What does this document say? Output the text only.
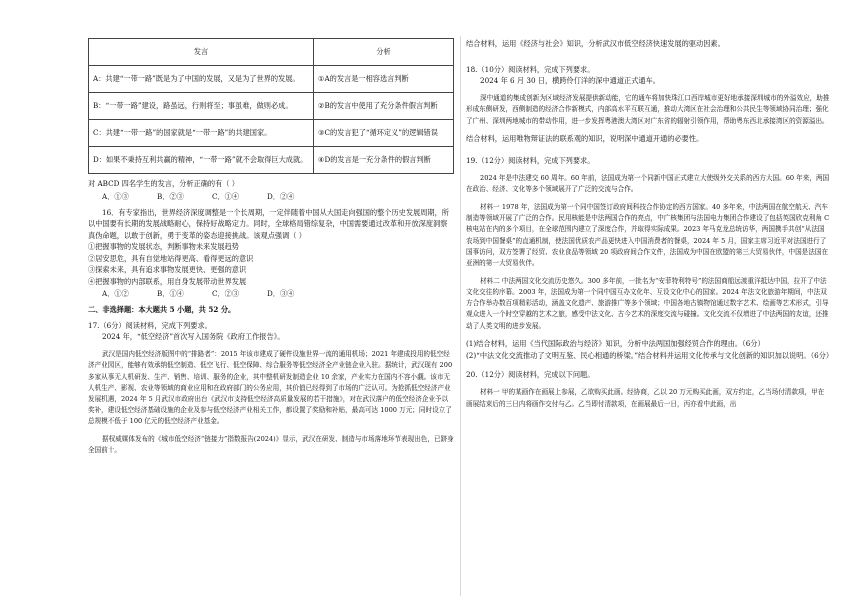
发言	分析
A：共建“一带一路”既是为了中国的发展，又是为了世界的发展。	①A的发言是一相容选言判断
B：“一带一路”建设，路虽远，行则将至；事虽难，做则必成。	②B的发言中使用了充分条件假言判断
C：共建“一带一路”的国家就是“一带一路”的共建国家。	③C的发言犯了“循环定义”的逻辑错误
D：如果不秉持互利共赢的精神，“一带一路”就不会取得巨大成就。	④D的发言是一充分条件的假言判断

对 ABCD 四名学生的发言，分析正确的有（ ）

A．①③	B．②③	C．①④	D．②④

16．有专家指出，世界经济深度调整是一个长周期，一定伴随着中国从大国走向强国的整个历史发展周期，所以中国要有长期的发展战略耐心，保持好战略定力。同时，全球格局错综复杂，中国需要通过改革和开放深度洞察真伪命题，以敢于创新，勇于变革的姿态迎接挑战。该观点强调（ ）

①把握事物的发展状态，判断事物未来发展趋势

②居安思危，具有自觉地站得更高、看得更远的意识

③探索未来，具有追求事物发展更快、更强的意识

④把握事物的内部联系，用自身发展带动世界发展

A．①②	B．①④	C．②③	D．③④

二、非选择题：本大题共 5 小题，共 52 分。

17.（6分）阅读材料，完成下列要求。

2024 年，“低空经济”首次写入国务院《政府工作报告》。

武汉是国内低空经济版图中的“排路者”：2015 年该市建成了硬件设施世界一流的通用机场；2021 年建成投用的低空经济产业园区，能够有效承纳低空制造、低空飞行、低空保障、综合服务等低空经济全产业链企业入驻。据统计，武汉现有 200 多家从事无人机研发、生产、销售、培训、服务的企业，其中整机研发制造企业 10 余家，产业实力在国内不容小觑。该市无人机生产、影视、农业等领域的商业应用和在政府部门的公务应用，其价值已经得到了市场的广泛认可。为抢抓低空经济产业发展机遇，2024 年 5 月武汉市政府出台《武汉市支持低空经济高质量发展的若干措施》，对在武汉落户的低空经济企业予以奖补，建设低空经济基础设施的企业及参与低空经济产业相关工作，都设置了奖励和补贴，最高可达 1000 万元；同时设立了总规模不低于 100 亿元的低空经济产业基金。

据权威媒体发布的《城市低空经济“链接力”指数报告(2024)》显示，武汉在研发、制造与市场落地环节表现出色，已跻身全国前十。

结合材料，运用《经济与社会》知识，分析武汉市低空经济快速发展的驱动因素。

18.（10分）阅读材料，完成下列要求。

2024 年 6 月 30 日，横跨伶仃洋的深中通道正式通车。

深中通道的集成创新为区域经济发展提供新动能，它的通车将加快珠江口西岸城市更好地承接深圳城市的外溢效应，助推形成东侧研发，西侧制造的经济合作新模式，内部高水平互联互通，推动大湾区在社会治理和公共民生等领域协同治理；强化了广州、深圳两地城市的带动作用，进一步发挥粤港澳大湾区对广东省的辐射引领作用，帮助粤东西北承接湾区的资源溢出。

结合材料，运用唯物辩证法的联系观的知识，说明深中通道开通的必要性。

19.（12分）阅读材料，完成下列要求。

2024 年是中法建交 60 周年。60 年前，法国成为第一个同新中国正式建立大使级外交关系的西方大国。60 年来，两国在政治、经济、文化等多个领域展开了广泛的交流与合作。

材料一 1978 年，法国成为第一个同中国签订政府间科技合作协定的西方国家。40 多年来，中法两国在航空航天、汽车制造等领域开展了广泛的合作。民用核能是中法两国合作的亮点，中广核集团与法国电力集团合作建设了包括英国欣克利角 C 核电站在内的多个项目，在全球范围内建立了深度合作，并取得实际成果。2023 年马克龙总统访华，两国携手共创“从法国农场到中国餐桌”的直通机制，使法国优质农产品更快进入中国消费者的餐桌，2024 年 5 月，国家主席习近平对法国进行了国事访问，双方签署了经贸、农业食品等领域 20 项政府间合作文件，法国成为中国在欧盟的第三大贸易伙伴，中国是法国在亚洲的第一大贸易伙伴。

材料二 中法两国文化交流历史悠久。300 多年前，一批名为“安菲特利特号”的法国商船远渡重洋抵达中国，拉开了中法文化交往的序幕。2003 年，法国成为第一个同中国互办文化年、互设文化中心的国家。2024 年法文化旅游年期间，中法双方合作举办数百项精彩活动，涵盖文化遗产、旅游推广等多个领域；中国各地古镇物馆通过数字艺术、绘画等艺术形式，引导观众进入一个时空穿越的艺术之旅，感受中法文化、古今艺术的深度交流与碰撞。文化交流不仅增进了中法两国的友谊，还推动了人类文明的进步发展。

(1)结合材料，运用《当代国际政治与经济》知识，分析中法两国加强经贸合作的理由。（6分）

(2)“中法文化交流推动了文明互鉴、民心相通的桥梁。”结合材料并运用文化传承与文化创新的知识加以说明。（6分）

20.（12分）阅读材料，完成以下问题。

材料一 甲的某画作在画展上参展，乙欲购买此画。经协商，乙以 20 万元购买此画，双方约定，乙当场付清款项，甲在画展结束后的三日内将画作交付与乙。乙当即付清款项，在画展最后一日，丙亦看中此画，出
